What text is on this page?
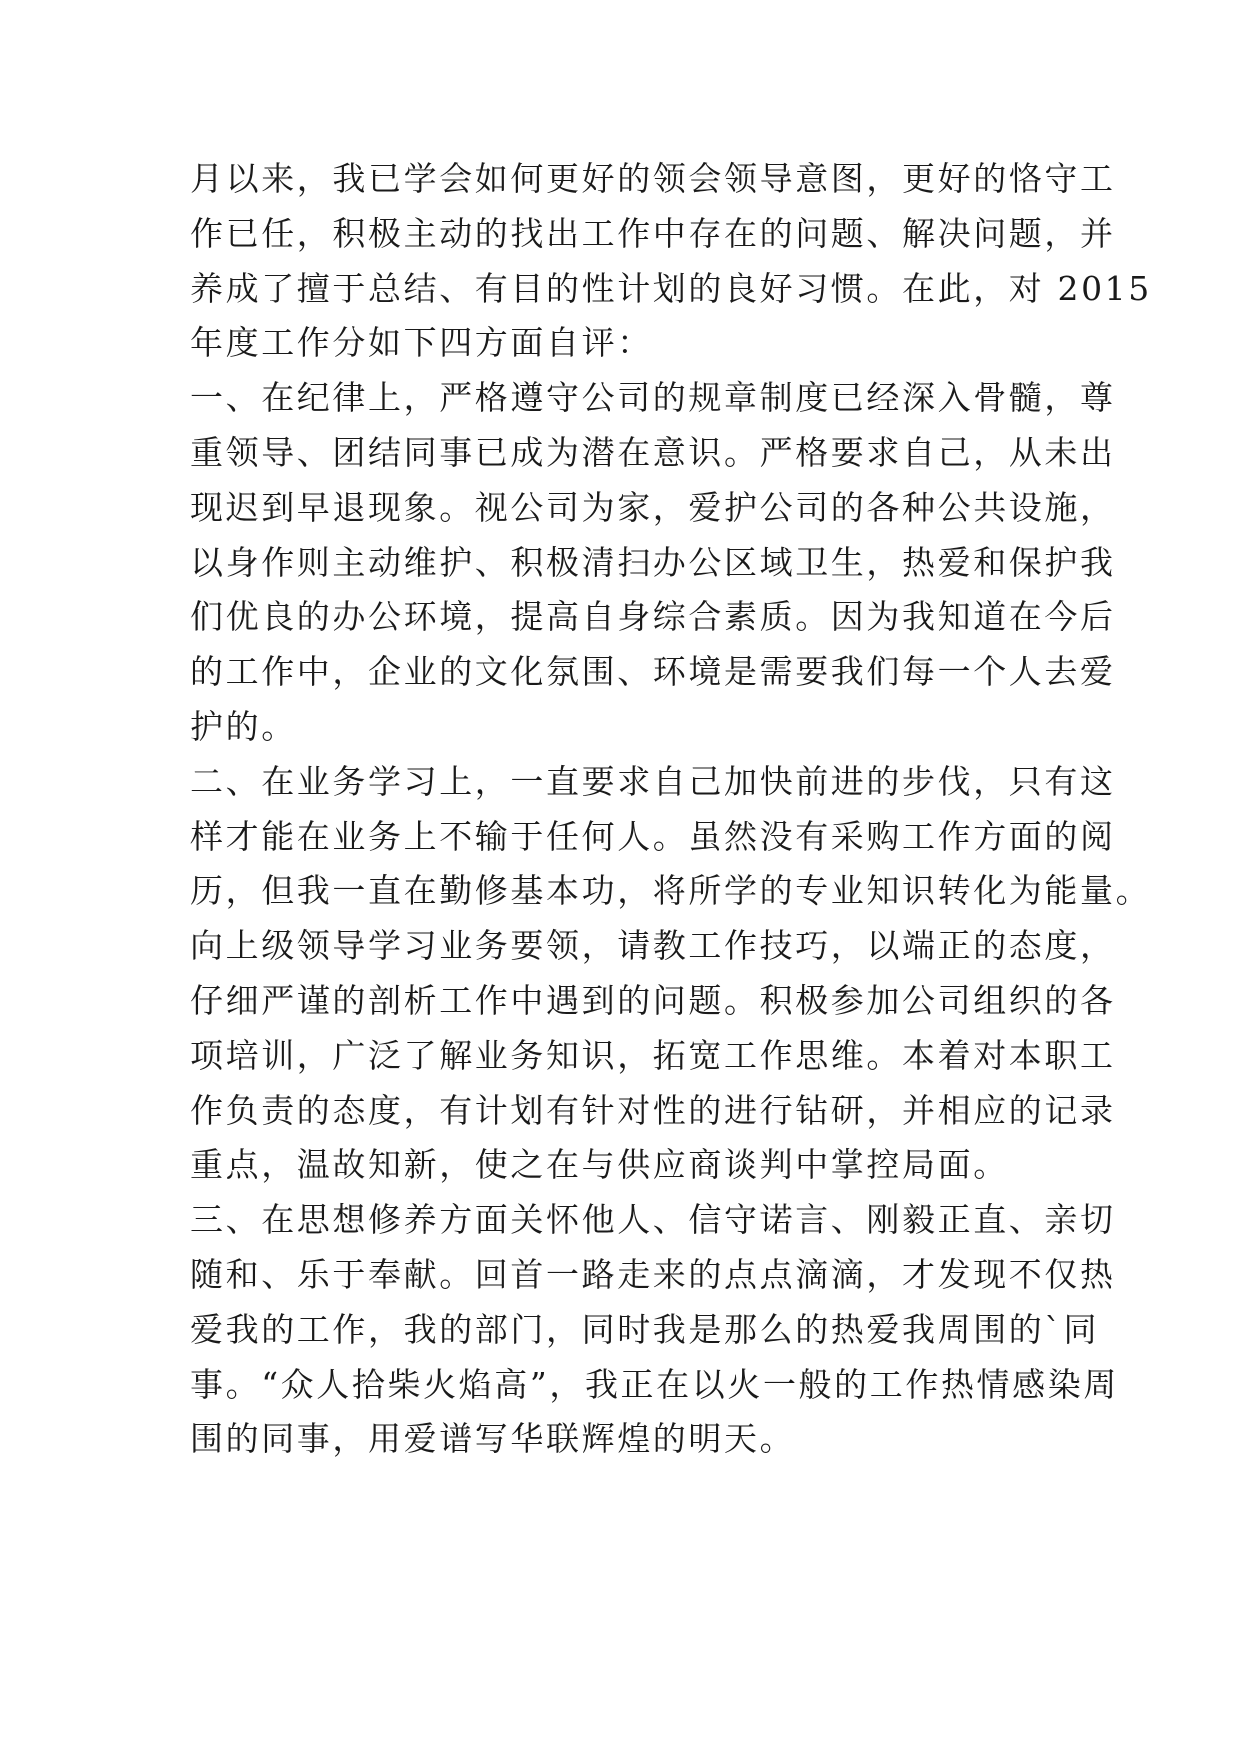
月以来，我已学会如何更好的领会领导意图，更好的恪守工
作已任，积极主动的找出工作中存在的问题、解决问题，并
养成了擅于总结、有目的性计划的良好习惯。在此，对 2015
年度工作分如下四方面自评：
一、在纪律上，严格遵守公司的规章制度已经深入骨髓，尊
重领导、团结同事已成为潜在意识。严格要求自己，从未出
现迟到早退现象。视公司为家，爱护公司的各种公共设施，
以身作则主动维护、积极清扫办公区域卫生，热爱和保护我
们优良的办公环境，提高自身综合素质。因为我知道在今后
的工作中，企业的文化氛围、环境是需要我们每一个人去爱
护的。
二、在业务学习上，一直要求自己加快前进的步伐，只有这
样才能在业务上不输于任何人。虽然没有采购工作方面的阅
历，但我一直在勤修基本功，将所学的专业知识转化为能量。
向上级领导学习业务要领，请教工作技巧，以端正的态度，
仔细严谨的剖析工作中遇到的问题。积极参加公司组织的各
项培训，广泛了解业务知识，拓宽工作思维。本着对本职工
作负责的态度，有计划有针对性的进行钻研，并相应的记录
重点，温故知新，使之在与供应商谈判中掌控局面。
三、在思想修养方面关怀他人、信守诺言、刚毅正直、亲切
随和、乐于奉献。回首一路走来的点点滴滴，才发现不仅热
爱我的工作，我的部门，同时我是那么的热爱我周围的`同
事。“众人拾柴火焰高”，我正在以火一般的工作热情感染周
围的同事，用爱谱写华联辉煌的明天。
